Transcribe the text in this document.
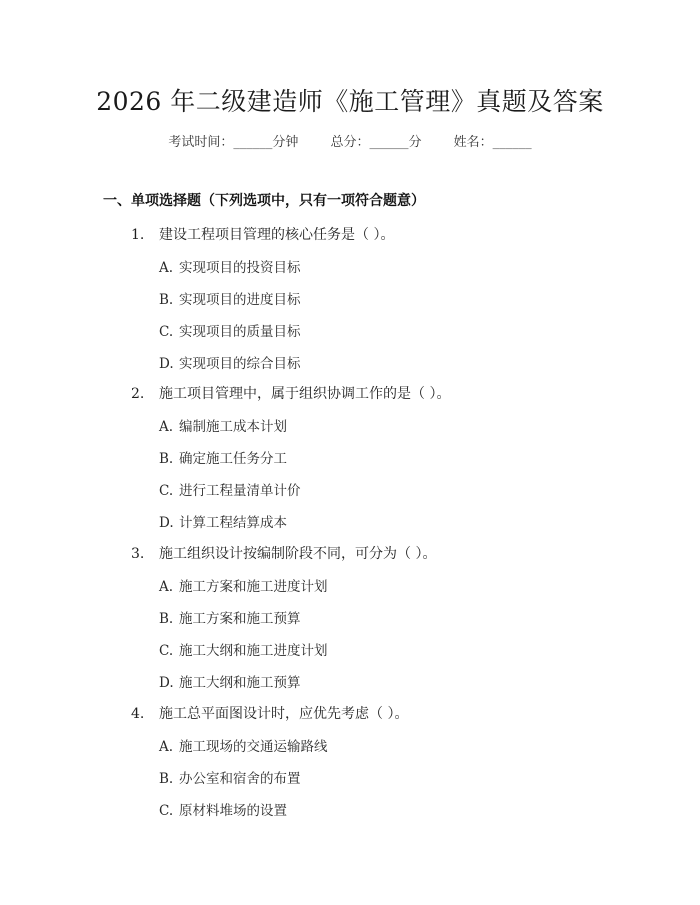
2026 年二级建造师《施工管理》真题及答案
考试时间：______分钟 总分：______分 姓名：______
一、单项选择题（下列选项中，只有一项符合题意）
1. 建设工程项目管理的核心任务是（ ）。
A. 实现项目的投资目标
B. 实现项目的进度目标
C. 实现项目的质量目标
D. 实现项目的综合目标
2. 施工项目管理中，属于组织协调工作的是（ ）。
A. 编制施工成本计划
B. 确定施工任务分工
C. 进行工程量清单计价
D. 计算工程结算成本
3. 施工组织设计按编制阶段不同，可分为（ ）。
A. 施工方案和施工进度计划
B. 施工方案和施工预算
C. 施工大纲和施工进度计划
D. 施工大纲和施工预算
4. 施工总平面图设计时，应优先考虑（ ）。
A. 施工现场的交通运输路线
B. 办公室和宿舍的布置
C. 原材料堆场的设置
